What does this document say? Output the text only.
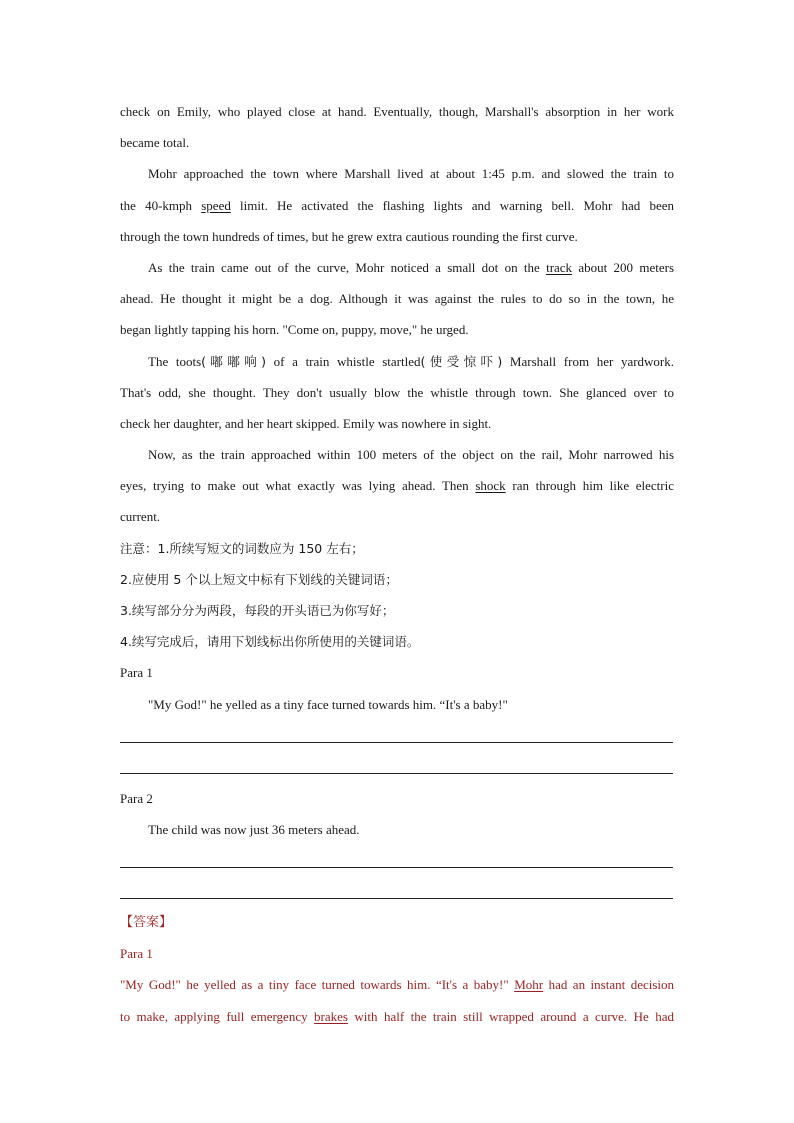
check on Emily, who played close at hand. Eventually, though, Marshall's absorption in her work
became total.
Mohr approached the town where Marshall lived at about 1:45 p.m. and slowed the train to
the 40-kmph speed limit. He activated the flashing lights and warning bell. Mohr had been
through the town hundreds of times, but he grew extra cautious rounding the first curve.
As the train came out of the curve, Mohr noticed a small dot on the track about 200 meters
ahead. He thought it might be a dog. Although it was against the rules to do so in the town, he
began lightly tapping his horn. "Come on, puppy, move," he urged.
The toots(嘟嘟响) of a train whistle startled(使受惊吓) Marshall from her yardwork.
That's odd, she thought. They don't usually blow the whistle through town. She glanced over to
check her daughter, and her heart skipped. Emily was nowhere in sight.
Now, as the train approached within 100 meters of the object on the rail, Mohr narrowed his
eyes, trying to make out what exactly was lying ahead. Then shock ran through him like electric
current.
注意：1.所续写短文的词数应为 150 左右；
2.应使用 5 个以上短文中标有下划线的关键词语；
3.续写部分分为两段，每段的开头语已为你写好；
4.续写完成后，请用下划线标出你所使用的关键词语。
Para 1
"My God!" he yelled as a tiny face turned towards him. “It's a baby!"
Para 2
The child was now just 36 meters ahead.
【答案】
Para 1
"My God!" he yelled as a tiny face turned towards him. “It's a baby!" Mohr had an instant decision
to make, applying full emergency brakes with half the train still wrapped around a curve. He had
